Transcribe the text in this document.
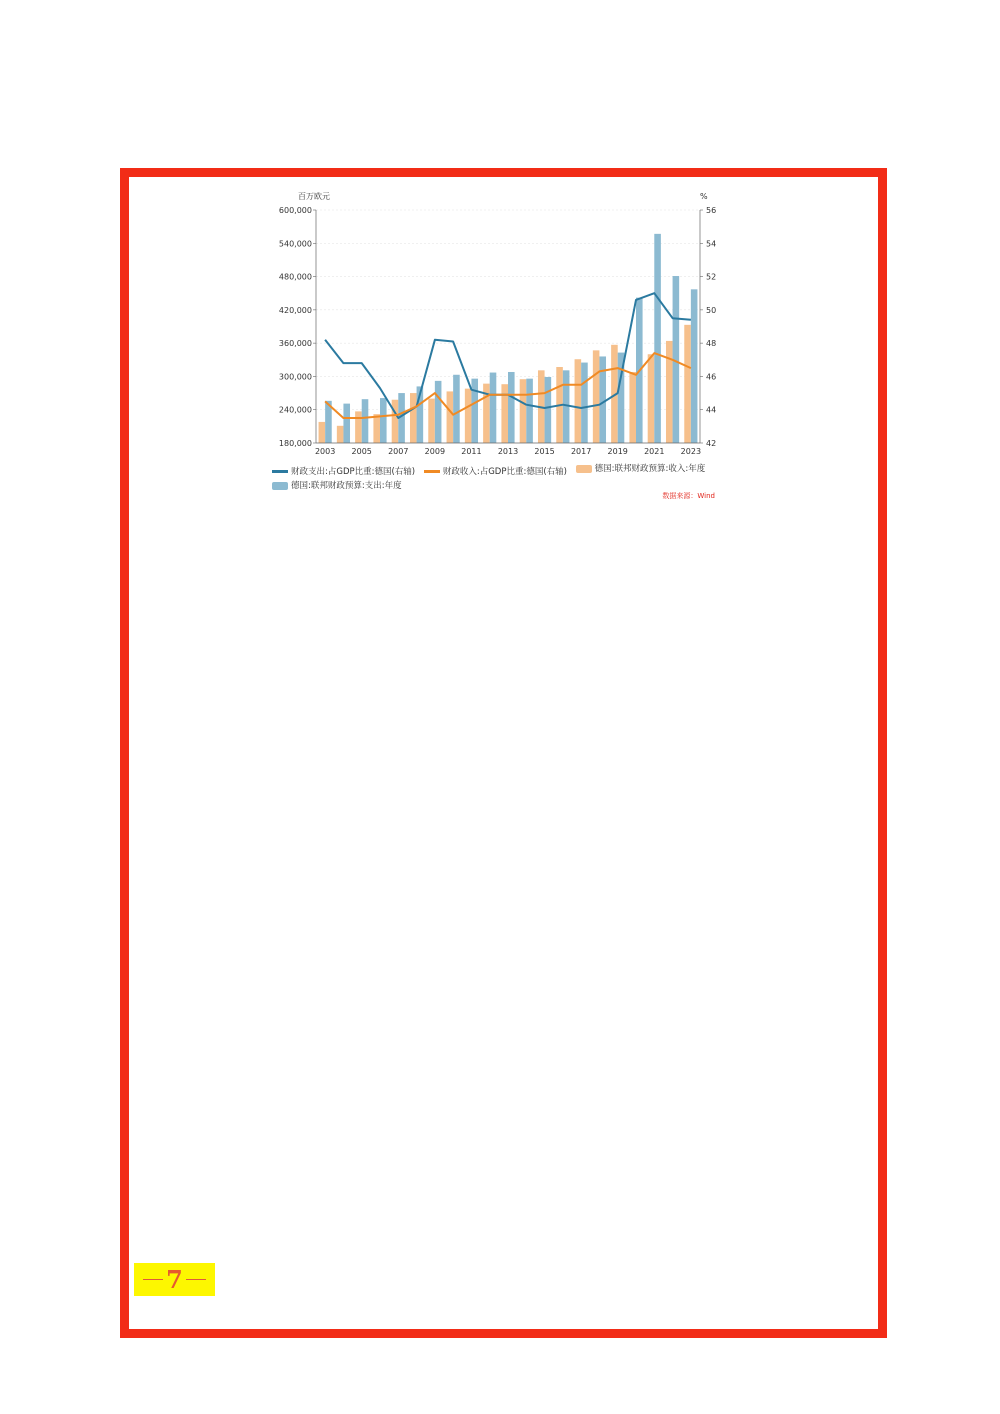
百万欧元	%
600,000
540,000
480,000
420,000
360,000
300,000
240,000
180,000
56
54
52
50
48
46
44
42
2003 2005 2007 2009 2011 2013 2015 2017 2019 2021 2023
财政支出:占GDP比重:德国(右轴)
	财政收入:占GDP比重:德国(右轴)
	德国:联邦财政预算:收入:年度

德国:联邦财政预算:支出:年度
数据来源：Wind
7
